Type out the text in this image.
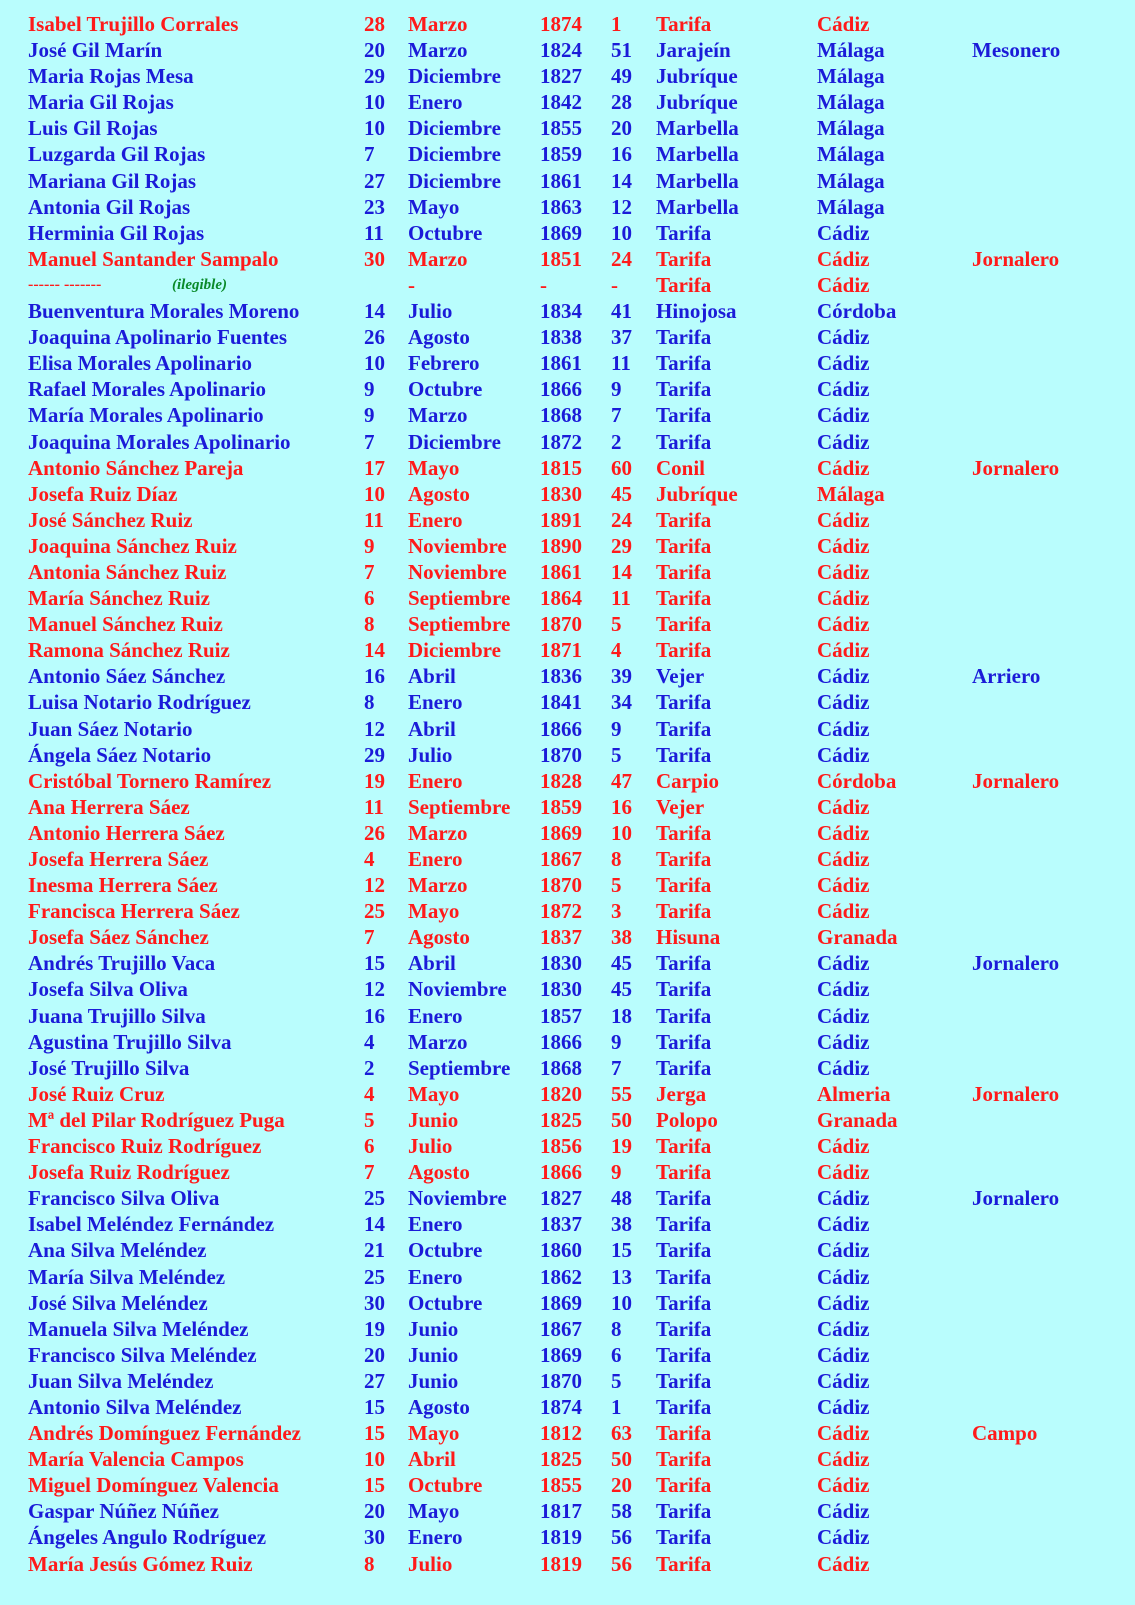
Isabel Trujillo Corrales	28 Marzo	1874 1 Tarifa	Cádiz
José Gil Marín	20 Marzo	1824 51 Jarajeín	Málaga	Mesonero
Maria Rojas Mesa	29 Diciembre 1827 49 Jubríque	Málaga
Maria Gil Rojas	10 Enero	1842 28 Jubríque	Málaga
Luis Gil Rojas	10 Diciembre 1855 20 Marbella	Málaga
Luzgarda Gil Rojas	7 Diciembre 1859 16 Marbella	Málaga
Mariana Gil Rojas	27 Diciembre 1861 14 Marbella	Málaga
Antonia Gil Rojas	23 Mayo	1863 12 Marbella	Málaga
Herminia Gil Rojas	11 Octubre	1869 10 Tarifa	Cádiz
Manuel Santander Sampalo	30 Marzo	1851 24 Tarifa	Cádiz	Jornalero
------ -------	-	-	- Tarifa	Cádiz
(ilegible)
Buenventura Morales Moreno	14 Julio	1834 41 Hinojosa	Córdoba
Joaquina Apolinario Fuentes	26 Agosto	1838 37 Tarifa	Cádiz
Elisa Morales Apolinario	10 Febrero	1861 11 Tarifa	Cádiz
Rafael Morales Apolinario	9 Octubre	1866 9 Tarifa	Cádiz
María Morales Apolinario	9 Marzo	1868 7 Tarifa	Cádiz
Joaquina Morales Apolinario	7 Diciembre 1872 2 Tarifa	Cádiz
Antonio Sánchez Pareja	17 Mayo	1815 60 Conil	Cádiz	Jornalero
Josefa Ruiz Díaz	10 Agosto	1830 45 Jubríque	Málaga
José Sánchez Ruiz	11 Enero	1891 24 Tarifa	Cádiz
Joaquina Sánchez Ruiz	9 Noviembre 1890 29 Tarifa	Cádiz
Antonia Sánchez Ruiz	7 Noviembre 1861 14 Tarifa	Cádiz
María Sánchez Ruiz	6 Septiembre 1864 11 Tarifa	Cádiz
Manuel Sánchez Ruiz	8 Septiembre 1870 5 Tarifa	Cádiz
Ramona Sánchez Ruiz	14 Diciembre 1871 4 Tarifa	Cádiz
Antonio Sáez Sánchez	16 Abril	1836 39 Vejer	Cádiz	Arriero
Luisa Notario Rodríguez	8 Enero	1841 34 Tarifa	Cádiz
Juan Sáez Notario	12 Abril	1866 9 Tarifa	Cádiz
Ángela Sáez Notario	29 Julio	1870 5 Tarifa	Cádiz
Cristóbal Tornero Ramírez	19 Enero	1828 47 Carpio	Córdoba	Jornalero
Ana Herrera Sáez	11 Septiembre 1859 16 Vejer	Cádiz
Antonio Herrera Sáez	26 Marzo	1869 10 Tarifa	Cádiz
Josefa Herrera Sáez	4 Enero	1867 8 Tarifa	Cádiz
Inesma Herrera Sáez	12 Marzo	1870 5 Tarifa	Cádiz
Francisca Herrera Sáez	25 Mayo	1872 3 Tarifa	Cádiz
Josefa Sáez Sánchez	7 Agosto	1837 38 Hisuna	Granada
Andrés Trujillo Vaca	15 Abril	1830 45 Tarifa	Cádiz	Jornalero
Josefa Silva Oliva	12 Noviembre 1830 45 Tarifa	Cádiz
Juana Trujillo Silva	16 Enero	1857 18 Tarifa	Cádiz
Agustina Trujillo Silva	4 Marzo	1866 9 Tarifa	Cádiz
José Trujillo Silva	2 Septiembre 1868 7 Tarifa	Cádiz
José Ruiz Cruz	4 Mayo	1820 55 Jerga	Almeria	Jornalero
Mª del Pilar Rodríguez Puga	5 Junio	1825 50 Polopo	Granada
Francisco Ruiz Rodríguez	6 Julio	1856 19 Tarifa	Cádiz
Josefa Ruiz Rodríguez	7 Agosto	1866 9 Tarifa	Cádiz
Francisco Silva Oliva	25 Noviembre 1827 48 Tarifa	Cádiz	Jornalero
Isabel Meléndez Fernández	14 Enero	1837 38 Tarifa	Cádiz
Ana Silva Meléndez	21 Octubre	1860 15 Tarifa	Cádiz
María Silva Meléndez	25 Enero	1862 13 Tarifa	Cádiz
José Silva Meléndez	30 Octubre	1869 10 Tarifa	Cádiz
Manuela Silva Meléndez	19 Junio	1867 8 Tarifa	Cádiz
Francisco Silva Meléndez	20 Junio	1869 6 Tarifa	Cádiz
Juan Silva Meléndez	27 Junio	1870 5 Tarifa	Cádiz
Antonio Silva Meléndez	15 Agosto	1874 1 Tarifa	Cádiz
Andrés Domínguez Fernández	15 Mayo	1812 63 Tarifa	Cádiz	Campo
María Valencia Campos	10 Abril	1825 50 Tarifa	Cádiz
Miguel Domínguez Valencia	15 Octubre	1855 20 Tarifa	Cádiz
Gaspar Núñez Núñez	20 Mayo	1817 58 Tarifa	Cádiz
Ángeles Angulo Rodríguez	30 Enero	1819 56 Tarifa	Cádiz
María Jesús Gómez Ruiz	8 Julio	1819 56 Tarifa	Cádiz
